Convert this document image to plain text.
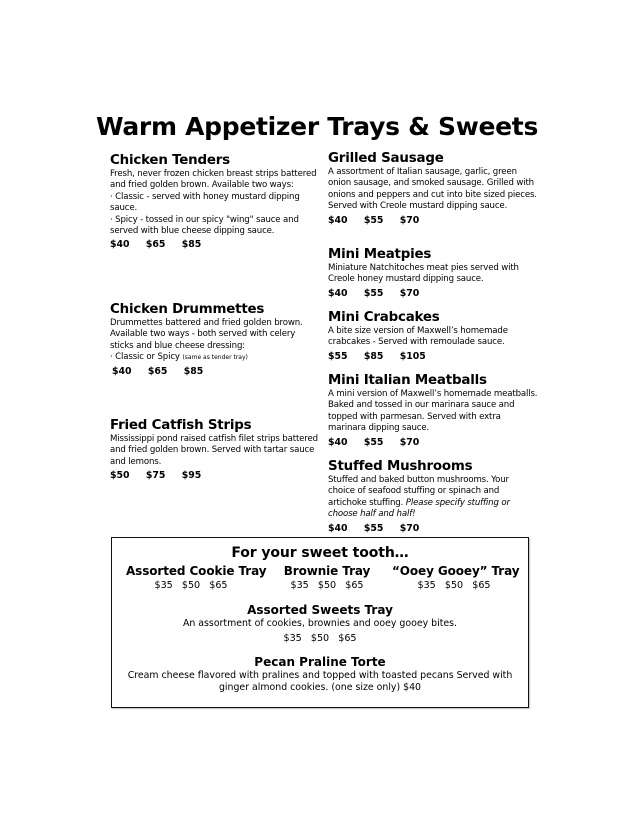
Warm Appetizer Trays & Sweets
Chicken Tenders
Fresh, never frozen chicken breast strips battered and fried golden brown. Available two ways:
· Classic - served with honey mustard dipping sauce.
· Spicy - tossed in our spicy "wing" sauce and served with blue cheese dipping sauce.
$40 $65 $85
Chicken Drummettes
Drummettes battered and fried golden brown. Available two ways - both served with celery sticks and blue cheese dressing:
· Classic or Spicy (same as tender tray)
$40 $65 $85
Fried Catfish Strips
Mississippi pond raised catfish filet strips battered and fried golden brown. Served with tartar sauce and lemons.
$50 $75 $95
Grilled Sausage
A assortment of Italian sausage, garlic, green onion sausage, and smoked sausage. Grilled with onions and peppers and cut into bite sized pieces. Served with Creole mustard dipping sauce.
$40 $55 $70
Mini Meatpies
Miniature Natchitoches meat pies served with Creole honey mustard dipping sauce.
$40 $55 $70
Mini Crabcakes
A bite size version of Maxwell’s homemade crabcakes - Served with remoulade sauce.
$55 $85 $105
Mini Italian Meatballs
A mini version of Maxwell’s homemade meatballs. Baked and tossed in our marinara sauce and topped with parmesan. Served with extra marinara dipping sauce.
$40 $55 $70
Stuffed Mushrooms
Stuffed and baked button mushrooms. Your choice of seafood stuffing or spinach and artichoke stuffing. Please specify stuffing or choose half and half!
$40 $55 $70
For your sweet tooth…
Assorted Cookie Tray
$35 $50 $65
Brownie Tray
$35 $50 $65
“Ooey Gooey” Tray
$35 $50 $65
Assorted Sweets Tray
An assortment of cookies, brownies and ooey gooey bites.
$35 $50 $65
Pecan Praline Torte
Cream cheese flavored with pralines and topped with toasted pecans Served with
ginger almond cookies. (one size only) $40
